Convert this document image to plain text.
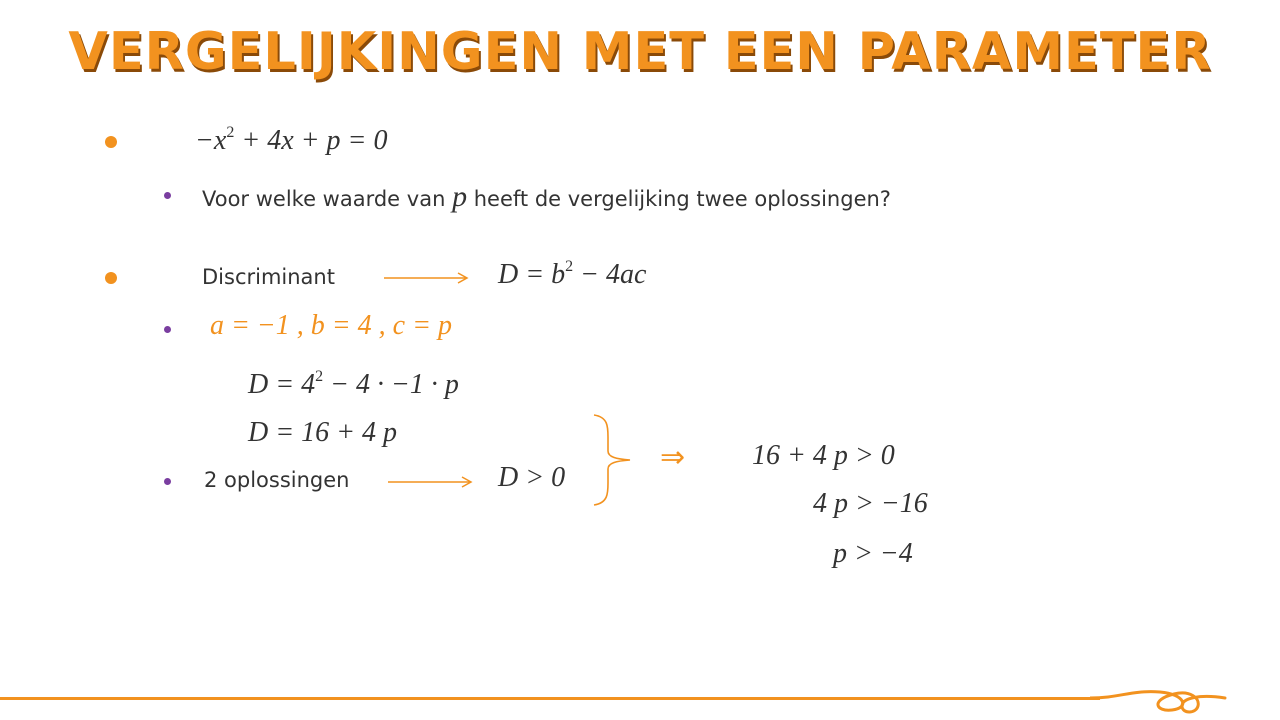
VERGELIJKINGEN MET EEN PARAMETER
$-x^2 + 4x + p = 0$
Voor welke waarde van p heeft de vergelijking twee oplossingen?
Discriminant	$D = b^2 - 4ac$
a = −1 , b = 4 , c = p
$D = 4^2 - 4 \cdot -1 \cdot p$
D = 16 + 4 p
2 oplossingen	D > 0
⇒ 16 + 4 p > 0
4 p > −16
p > −4
